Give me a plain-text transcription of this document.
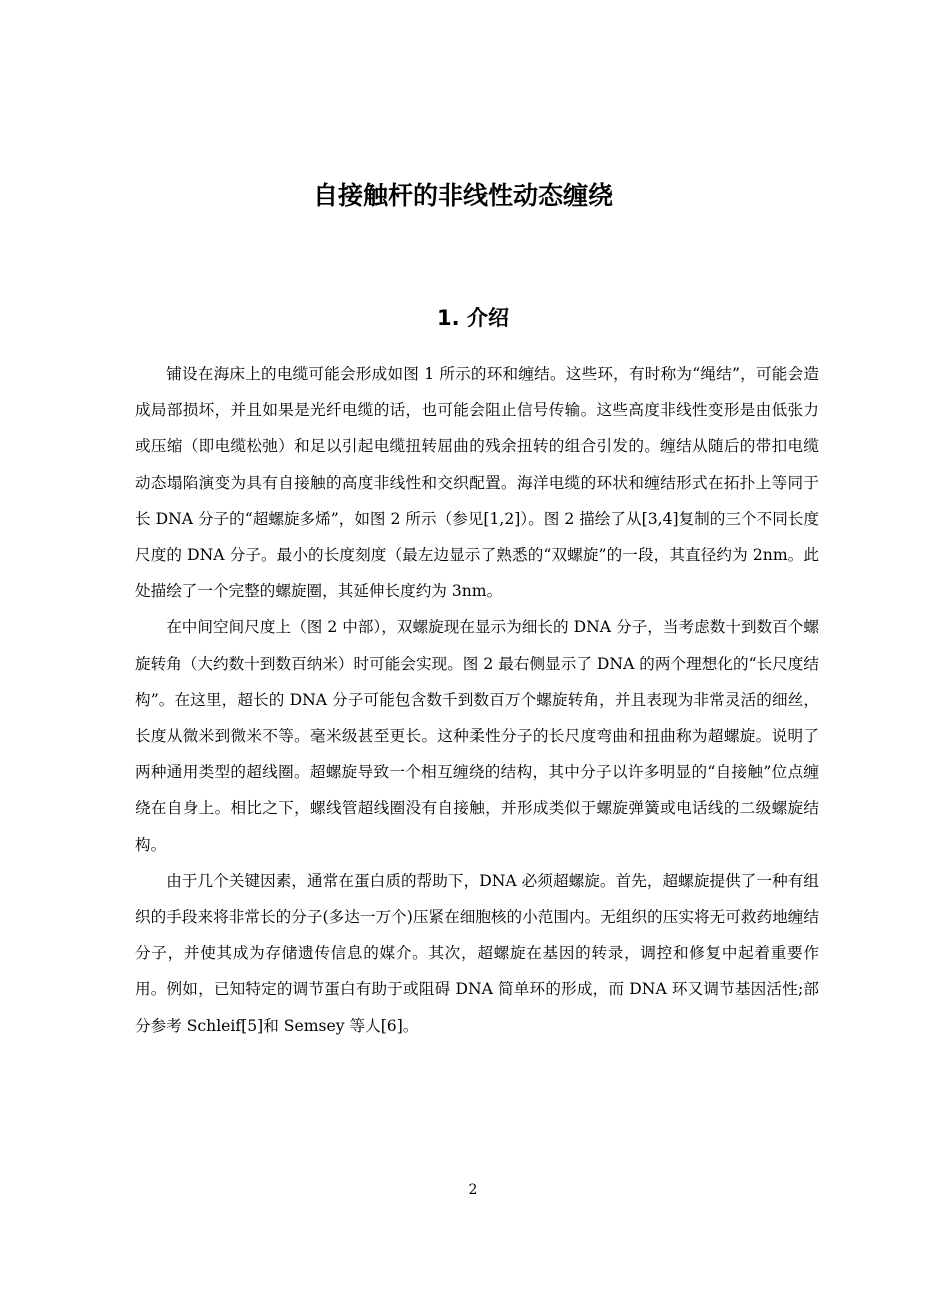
自接触杆的非线性动态缠绕
1. 介绍

铺设在海床上的电缆可能会形成如图 1 所示的环和缠结。这些环，有时称为“绳结”，可能会造成局部损坏，并且如果是光纤电缆的话，也可能会阻止信号传输。这些高度非线性变形是由低张力或压缩（即电缆松弛）和足以引起电缆扭转屈曲的残余扭转的组合引发的。缠结从随后的带扣电缆动态塌陷演变为具有自接触的高度非线性和交织配置。海洋电缆的环状和缠结形式在拓扑上等同于长 DNA 分子的“超螺旋多烯”，如图 2 所示（参见[1,2]）。图 2 描绘了从[3,4]复制的三个不同长度尺度的 DNA 分子。最小的长度刻度（最左边显示了熟悉的“双螺旋”的一段，其直径约为 2nm。此处描绘了一个完整的螺旋圈，其延伸长度约为 3nm。

在中间空间尺度上（图 2 中部），双螺旋现在显示为细长的 DNA 分子，当考虑数十到数百个螺旋转角（大约数十到数百纳米）时可能会实现。图 2 最右侧显示了 DNA 的两个理想化的“长尺度结构”。在这里，超长的 DNA 分子可能包含数千到数百万个螺旋转角，并且表现为非常灵活的细丝，长度从微米到微米不等。毫米级甚至更长。这种柔性分子的长尺度弯曲和扭曲称为超螺旋。说明了两种通用类型的超线圈。超螺旋导致一个相互缠绕的结构，其中分子以许多明显的“自接触”位点缠绕在自身上。相比之下，螺线管超线圈没有自接触，并形成类似于螺旋弹簧或电话线的二级螺旋结构。

由于几个关键因素，通常在蛋白质的帮助下，DNA 必须超螺旋。首先，超螺旋提供了一种有组织的手段来将非常长的分子(多达一万个)压紧在细胞核的小范围内。无组织的压实将无可救药地缠结分子，并使其成为存储遗传信息的媒介。其次，超螺旋在基因的转录，调控和修复中起着重要作用。例如，已知特定的调节蛋白有助于或阻碍 DNA 简单环的形成，而 DNA 环又调节基因活性;部分参考 Schleif[5]和 Semsey 等人[6]。

2
